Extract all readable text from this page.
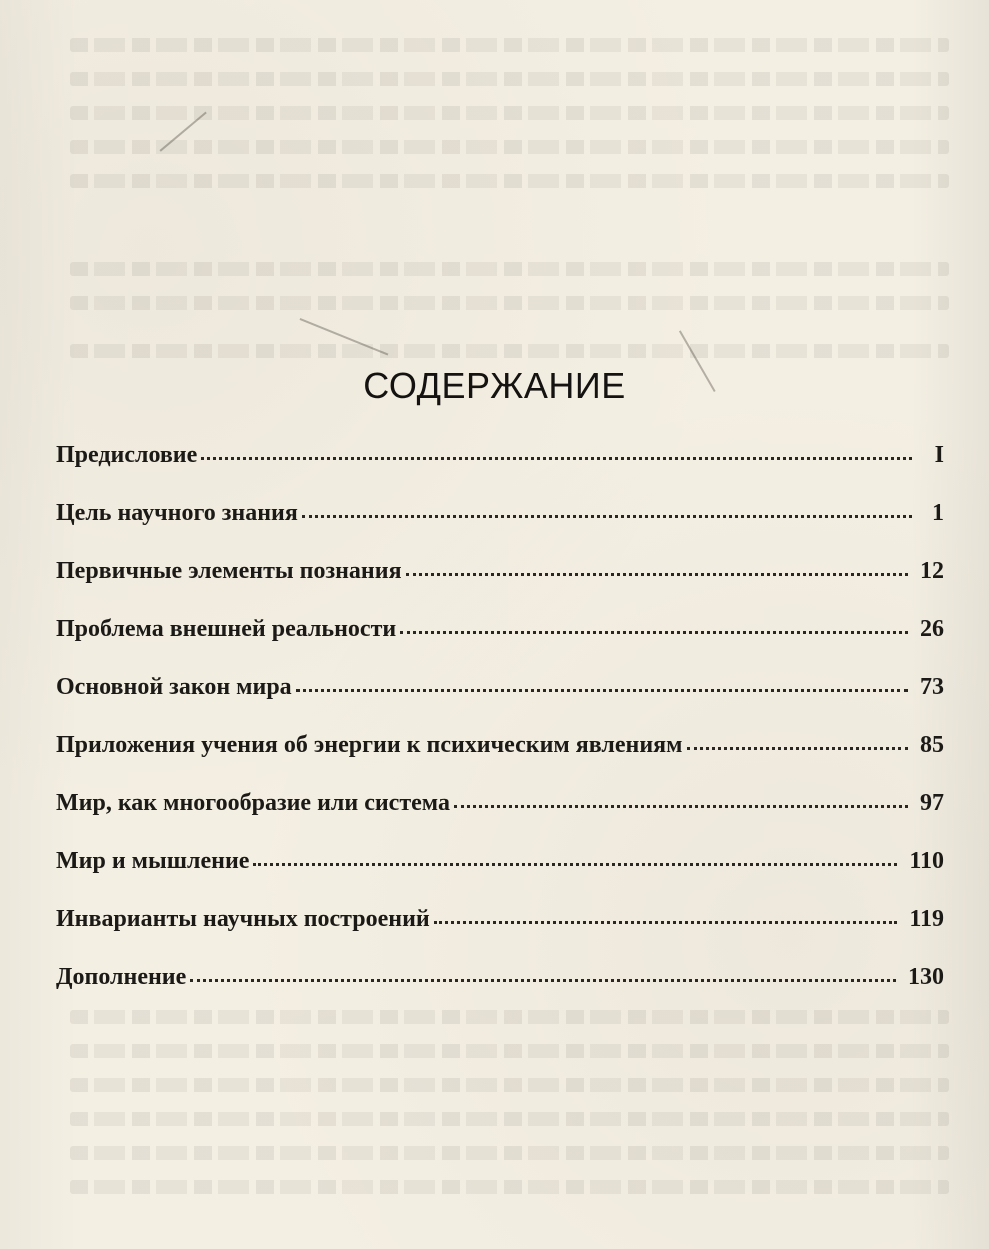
СОДЕРЖАНИЕ
Предисловие	I
Цель научного знания	1
Первичные элементы познания	12
Проблема внешней реальности	26
Основной закон мира	73
Приложения учения об энергии к психическим явлениям	85
Мир, как многообразие или система	97
Мир и мышление	110
Инварианты научных построений	119
Дополнение	130
